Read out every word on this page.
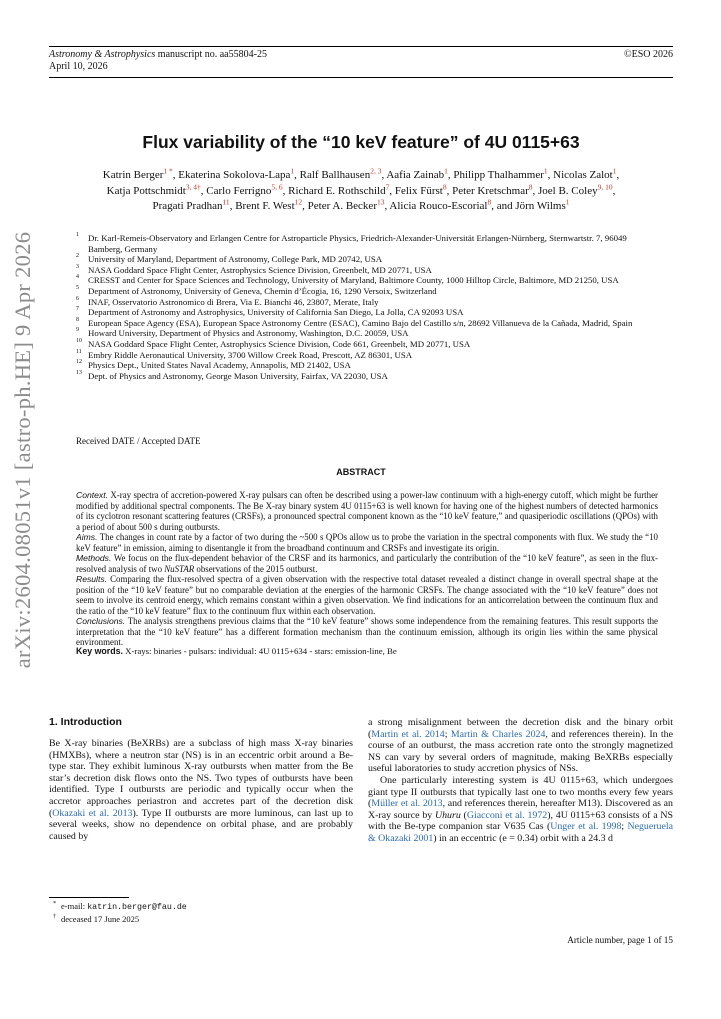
Astronomy & Astrophysics manuscript no. aa55804-25
April 10, 2026
©ESO 2026
arXiv:2604.08051v1 [astro-ph.HE] 9 Apr 2026
Flux variability of the “10 keV feature” of 4U 0115+63
Katrin Berger$^{1 *}$, Ekaterina Sokolova-Lapa$^1$, Ralf Ballhausen$^{2, 3}$, Aafia Zainab$^1$, Philipp Thalhammer$^1$, Nicolas Zalot$^1$,
Katja Pottschmidt$^{3, 4\dagger}$, Carlo Ferrigno$^{5, 6}$, Richard E. Rothschild$^7$, Felix Fürst$^8$, Peter Kretschmar$^8$, Joel B. Coley$^{9, 10}$,
Pragati Pradhan$^{11}$, Brent F. West$^{12}$, Peter A. Becker$^{13}$, Alicia Rouco-Escorial$^8$, and Jörn Wilms$^1$
1 Dr. Karl-Remeis-Observatory and Erlangen Centre for Astroparticle Physics, Friedrich-Alexander-Universität Erlangen-Nürnberg, Sternwartstr. 7, 96049 Bamberg, Germany
2 University of Maryland, Department of Astronomy, College Park, MD 20742, USA
3 NASA Goddard Space Flight Center, Astrophysics Science Division, Greenbelt, MD 20771, USA
4 CRESST and Center for Space Sciences and Technology, University of Maryland, Baltimore County, 1000 Hilltop Circle, Baltimore, MD 21250, USA
5 Department of Astronomy, University of Geneva, Chemin d’Écogia, 16, 1290 Versoix, Switzerland
6 INAF, Osservatorio Astronomico di Brera, Via E. Bianchi 46, 23807, Merate, Italy
7 Department of Astronomy and Astrophysics, University of California San Diego, La Jolla, CA 92093 USA
8 European Space Agency (ESA), European Space Astronomy Centre (ESAC), Camino Bajo del Castillo s/n, 28692 Villanueva de la Cañada, Madrid, Spain
9 Howard University, Department of Physics and Astronomy, Washington, D.C. 20059, USA
10 NASA Goddard Space Flight Center, Astrophysics Science Division, Code 661, Greenbelt, MD 20771, USA
11 Embry Riddle Aeronautical University, 3700 Willow Creek Road, Prescott, AZ 86301, USA
12 Physics Dept., United States Naval Academy, Annapolis, MD 21402, USA
13 Dept. of Physics and Astronomy, George Mason University, Fairfax, VA 22030, USA
Received DATE / Accepted DATE
ABSTRACT

Context. X-ray spectra of accretion-powered X-ray pulsars can often be described using a power-law continuum with a high-energy cutoff, which might be further modified by additional spectral components. The Be X-ray binary system 4U 0115+63 is well known for having one of the highest numbers of detected harmonics of its cyclotron resonant scattering features (CRSFs), a pronounced spectral component known as the “10 keV feature,” and quasiperiodic oscillations (QPOs) with a period of about 500 s during outbursts.

Aims. The changes in count rate by a factor of two during the ~500 s QPOs allow us to probe the variation in the spectral components with flux. We study the “10 keV feature” in emission, aiming to disentangle it from the broadband continuum and CRSFs and investigate its origin.

Methods. We focus on the flux-dependent behavior of the CRSF and its harmonics, and particularly the contribution of the “10 keV feature”, as seen in the flux-resolved analysis of two NuSTAR observations of the 2015 outburst.

Results. Comparing the flux-resolved spectra of a given observation with the respective total dataset revealed a distinct change in overall spectral shape at the position of the “10 keV feature” but no comparable deviation at the energies of the harmonic CRSFs. The change associated with the “10 keV feature” does not seem to involve its centroid energy, which remains constant within a given observation. We find indications for an anticorrelation between the continuum flux and the ratio of the “10 keV feature” flux to the continuum flux within each observation.

Conclusions. The analysis strengthens previous claims that the “10 keV feature” shows some independence from the remaining features. This result supports the interpretation that the “10 keV feature” has a different formation mechanism than the continuum emission, although its origin lies within the same physical environment.

Key words. X-rays: binaries - pulsars: individual: 4U 0115+634 - stars: emission-line, Be
1. Introduction

Be X-ray binaries (BeXRBs) are a subclass of high mass X-ray binaries (HMXBs), where a neutron star (NS) is in an eccentric orbit around a Be-type star. They exhibit luminous X-ray outbursts when matter from the Be star’s decretion disk flows onto the NS. Two types of outbursts have been identified. Type I outbursts are periodic and typically occur when the accretor approaches periastron and accretes part of the decretion disk (Okazaki et al. 2013). Type II outbursts are more luminous, can last up to several weeks, show no dependence on orbital phase, and are probably caused by

a strong misalignment between the decretion disk and the binary orbit (Martin et al. 2014; Martin & Charles 2024, and references therein). In the course of an outburst, the mass accretion rate onto the strongly magnetized NS can vary by several orders of magnitude, making BeXRBs especially useful laboratories to study accretion physics of NSs.

One particularly interesting system is 4U 0115+63, which undergoes giant type II outbursts that typically last one to two months every few years (Müller et al. 2013, and references therein, hereafter M13). Discovered as an X-ray source by Uhuru (Giacconi et al. 1972), 4U 0115+63 consists of a NS with the Be-type companion star V635 Cas (Unger et al. 1998; Negueruela & Okazaki 2001) in an eccentric (e = 0.34) orbit with a 24.3 d

* e-mail: katrin.berger@fau.de
† deceased 17 June 2025
Article number, page 1 of 15
